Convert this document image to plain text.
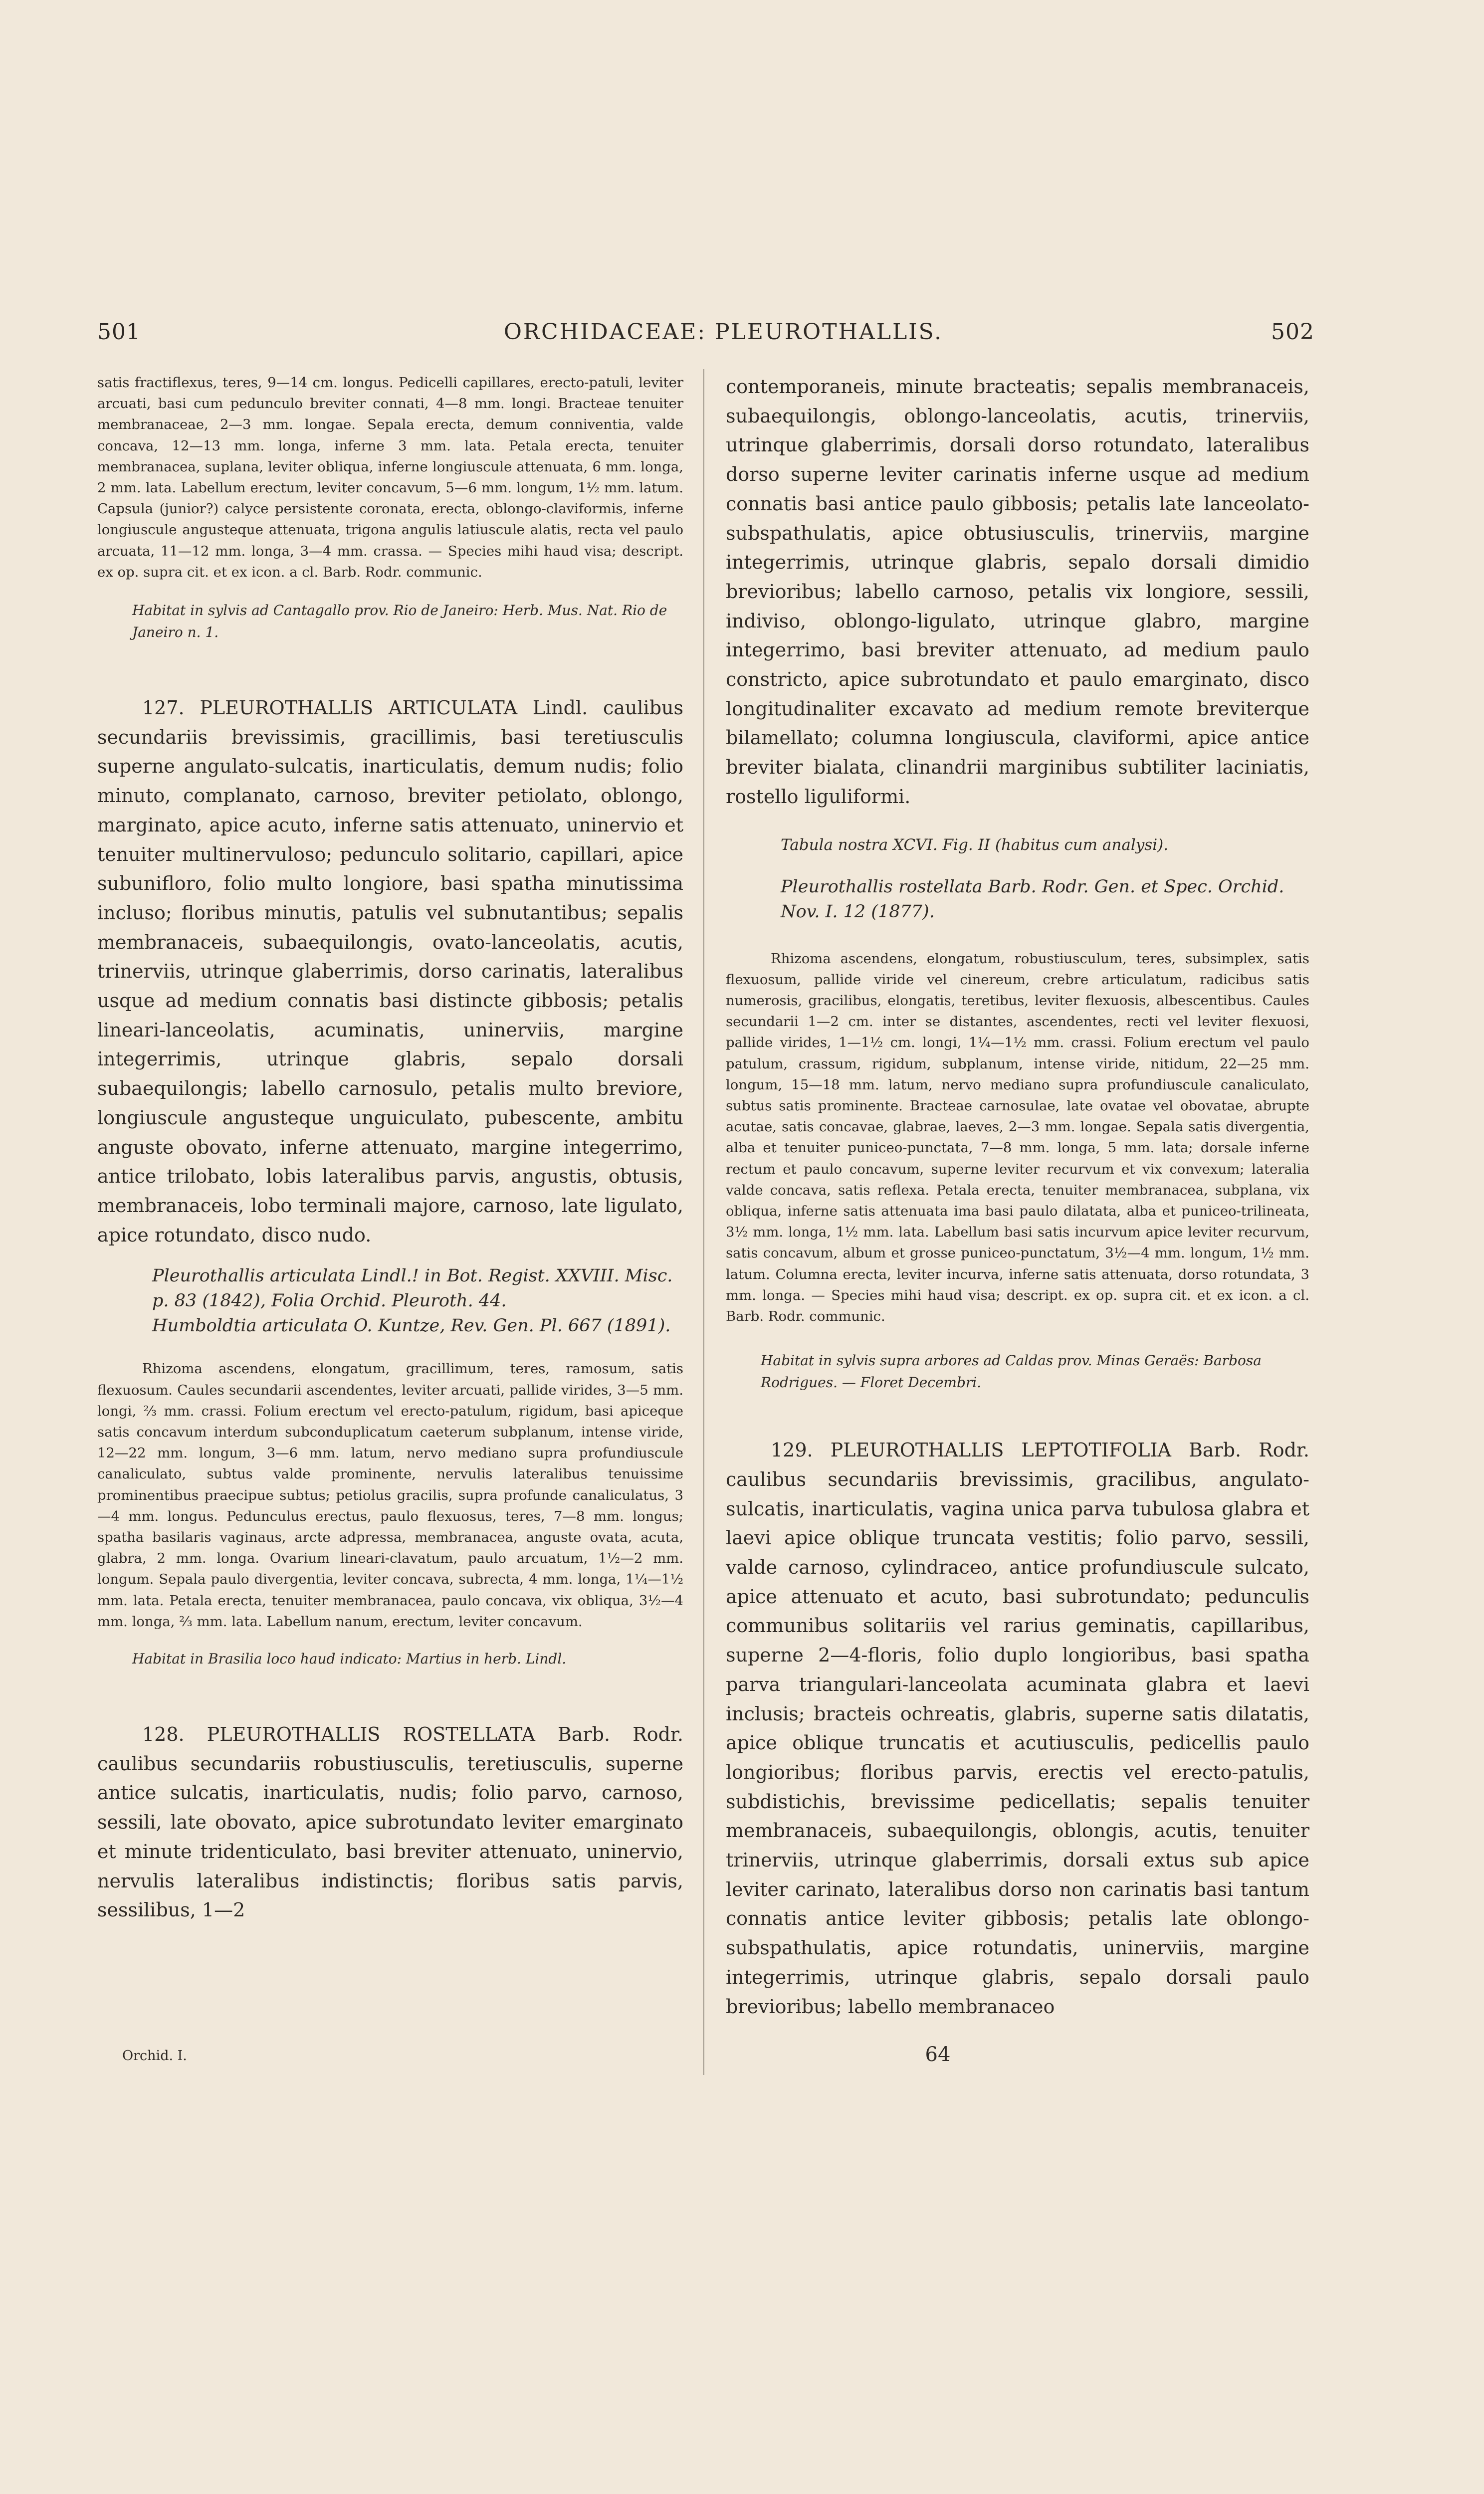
501	ORCHIDACEAE: PLEUROTHALLIS.	502

satis fractiflexus, teres, 9—14 cm. longus. Pedicelli capillares, erecto-patuli, leviter arcuati, basi cum pedunculo breviter connati, 4—8 mm. longi. Bracteae tenuiter membranaceae, 2—3 mm. longae. Sepala erecta, demum conniventia, valde concava, 12—13 mm. longa, inferne 3 mm. lata. Petala erecta, tenuiter membranacea, suplana, leviter obliqua, inferne longiuscule attenuata, 6 mm. longa, 2 mm. lata. Labellum erectum, leviter concavum, 5—6 mm. longum, 1½ mm. latum. Capsula (junior?) calyce persistente coronata, erecta, oblongo-claviformis, inferne longiuscule angusteque attenuata, trigona angulis latiuscule alatis, recta vel paulo arcuata, 11—12 mm. longa, 3—4 mm. crassa. — Species mihi haud visa; descript. ex op. supra cit. et ex icon. a cl. Barb. Rodr. communic.

Habitat in sylvis ad Cantagallo prov. Rio de Janeiro: Herb. Mus. Nat. Rio de Janeiro n. 1.

127. PLEUROTHALLIS ARTICULATA Lindl. caulibus secundariis brevissimis, gracillimis, basi teretiusculis superne angulato-sulcatis, inarticulatis, demum nudis; folio minuto, complanato, carnoso, breviter petiolato, oblongo, marginato, apice acuto, inferne satis attenuato, uninervio et tenuiter multinervuloso; pedunculo solitario, capillari, apice subunifloro, folio multo longiore, basi spatha minutissima incluso; floribus minutis, patulis vel subnutantibus; sepalis membranaceis, subaequilongis, ovato-lanceolatis, acutis, trinerviis, utrinque glaberrimis, dorso carinatis, lateralibus usque ad medium connatis basi distincte gibbosis; petalis lineari-lanceolatis, acuminatis, uninerviis, margine integerrimis, utrinque glabris, sepalo dorsali subaequilongis; labello carnosulo, petalis multo breviore, longiuscule angusteque unguiculato, pubescente, ambitu anguste obovato, inferne attenuato, margine integerrimo, antice trilobato, lobis lateralibus parvis, angustis, obtusis, membranaceis, lobo terminali majore, carnoso, late ligulato, apice rotundato, disco nudo.

Pleurothallis articulata Lindl.! in Bot. Regist. XXVIII. Misc. p. 83 (1842), Folia Orchid. Pleuroth. 44.

Humboldtia articulata O. Kuntze, Rev. Gen. Pl. 667 (1891).

Rhizoma ascendens, elongatum, gracillimum, teres, ramosum, satis flexuosum. Caules secundarii ascendentes, leviter arcuati, pallide virides, 3—5 mm. longi, ⅔ mm. crassi. Folium erectum vel erecto-patulum, rigidum, basi apiceque satis concavum interdum subconduplicatum caeterum subplanum, intense viride, 12—22 mm. longum, 3—6 mm. latum, nervo mediano supra profundiuscule canaliculato, subtus valde prominente, nervulis lateralibus tenuissime prominentibus praecipue subtus; petiolus gracilis, supra profunde canaliculatus, 3—4 mm. longus. Pedunculus erectus, paulo flexuosus, teres, 7—8 mm. longus; spatha basilaris vaginaus, arcte adpressa, membranacea, anguste ovata, acuta, glabra, 2 mm. longa. Ovarium lineari-clavatum, paulo arcuatum, 1½—2 mm. longum. Sepala paulo divergentia, leviter concava, subrecta, 4 mm. longa, 1¼—1½ mm. lata. Petala erecta, tenuiter membranacea, paulo concava, vix obliqua, 3½—4 mm. longa, ⅔ mm. lata. Labellum nanum, erectum, leviter concavum.

Habitat in Brasilia loco haud indicato: Martius in herb. Lindl.

128. PLEUROTHALLIS ROSTELLATA Barb. Rodr. caulibus secundariis robustiusculis, teretiusculis, superne antice sulcatis, inarticulatis, nudis; folio parvo, carnoso, sessili, late obovato, apice subrotundato leviter emarginato et minute tridenticulato, basi breviter attenuato, uninervio, nervulis lateralibus indistinctis; floribus satis parvis, sessilibus, 1—2

contemporaneis, minute bracteatis; sepalis membranaceis, subaequilongis, oblongo-lanceolatis, acutis, trinerviis, utrinque glaberrimis, dorsali dorso rotundato, lateralibus dorso superne leviter carinatis inferne usque ad medium connatis basi antice paulo gibbosis; petalis late lanceolato-subspathulatis, apice obtusiusculis, trinerviis, margine integerrimis, utrinque glabris, sepalo dorsali dimidio brevioribus; labello carnoso, petalis vix longiore, sessili, indiviso, oblongo-ligulato, utrinque glabro, margine integerrimo, basi breviter attenuato, ad medium paulo constricto, apice subrotundato et paulo emarginato, disco longitudinaliter excavato ad medium remote breviterque bilamellato; columna longiuscula, claviformi, apice antice breviter bialata, clinandrii marginibus subtiliter laciniatis, rostello liguliformi.

Tabula nostra XCVI. Fig. II (habitus cum analysi).

Pleurothallis rostellata Barb. Rodr. Gen. et Spec. Orchid. Nov. I. 12 (1877).

Rhizoma ascendens, elongatum, robustiusculum, teres, subsimplex, satis flexuosum, pallide viride vel cinereum, crebre articulatum, radicibus satis numerosis, gracilibus, elongatis, teretibus, leviter flexuosis, albescentibus. Caules secundarii 1—2 cm. inter se distantes, ascendentes, recti vel leviter flexuosi, pallide virides, 1—1½ cm. longi, 1¼—1½ mm. crassi. Folium erectum vel paulo patulum, crassum, rigidum, subplanum, intense viride, nitidum, 22—25 mm. longum, 15—18 mm. latum, nervo mediano supra profundiuscule canaliculato, subtus satis prominente. Bracteae carnosulae, late ovatae vel obovatae, abrupte acutae, satis concavae, glabrae, laeves, 2—3 mm. longae. Sepala satis divergentia, alba et tenuiter puniceo-punctata, 7—8 mm. longa, 5 mm. lata; dorsale inferne rectum et paulo concavum, superne leviter recurvum et vix convexum; lateralia valde concava, satis reflexa. Petala erecta, tenuiter membranacea, subplana, vix obliqua, inferne satis attenuata ima basi paulo dilatata, alba et puniceo-trilineata, 3½ mm. longa, 1½ mm. lata. Labellum basi satis incurvum apice leviter recurvum, satis concavum, album et grosse puniceo-punctatum, 3½—4 mm. longum, 1½ mm. latum. Columna erecta, leviter incurva, inferne satis attenuata, dorso rotundata, 3 mm. longa. — Species mihi haud visa; descript. ex op. supra cit. et ex icon. a cl. Barb. Rodr. communic.

Habitat in sylvis supra arbores ad Caldas prov. Minas Geraës: Barbosa Rodrigues. — Floret Decembri.

129. PLEUROTHALLIS LEPTOTIFOLIA Barb. Rodr. caulibus secundariis brevissimis, gracilibus, angulato-sulcatis, inarticulatis, vagina unica parva tubulosa glabra et laevi apice oblique truncata vestitis; folio parvo, sessili, valde carnoso, cylindraceo, antice profundiuscule sulcato, apice attenuato et acuto, basi subrotundato; pedunculis communibus solitariis vel rarius geminatis, capillaribus, superne 2—4-floris, folio duplo longioribus, basi spatha parva triangulari-lanceolata acuminata glabra et laevi inclusis; bracteis ochreatis, glabris, superne satis dilatatis, apice oblique truncatis et acutiusculis, pedicellis paulo longioribus; floribus parvis, erectis vel erecto-patulis, subdistichis, brevissime pedicellatis; sepalis tenuiter membranaceis, subaequilongis, oblongis, acutis, tenuiter trinerviis, utrinque glaberrimis, dorsali extus sub apice leviter carinato, lateralibus dorso non carinatis basi tantum connatis antice leviter gibbosis; petalis late oblongo-subspathulatis, apice rotundatis, uninerviis, margine integerrimis, utrinque glabris, sepalo dorsali paulo brevioribus; labello membranaceo

Orchid. I.	64
